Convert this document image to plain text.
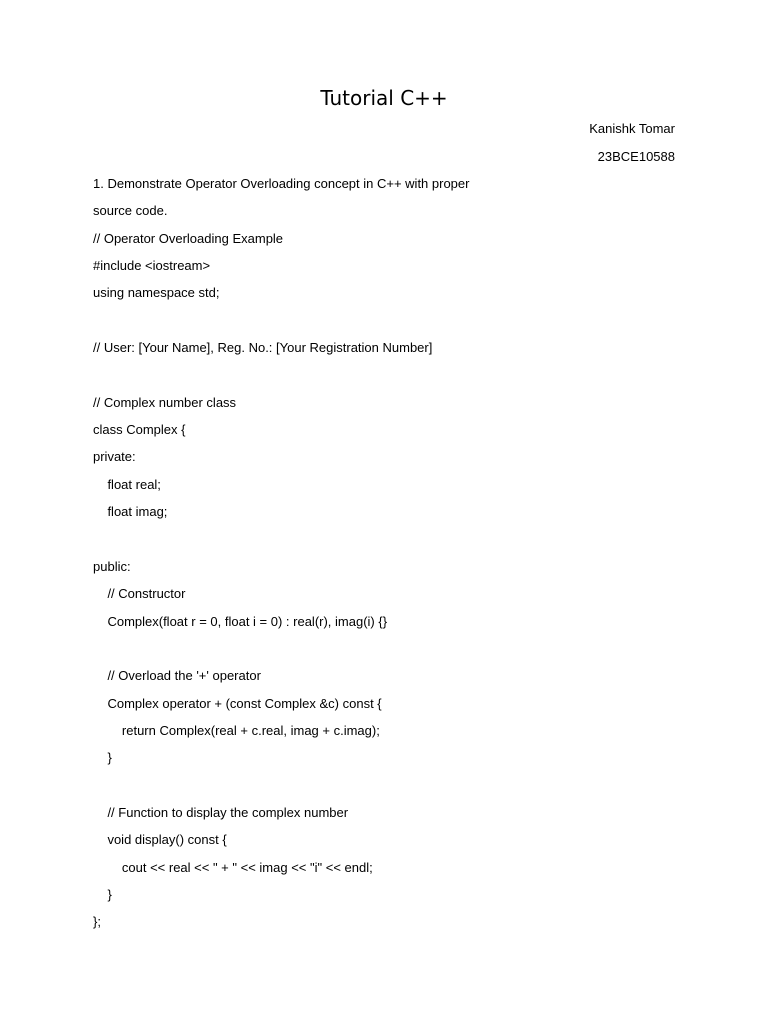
Tutorial C++
Kanishk Tomar
23BCE10588
1. Demonstrate Operator Overloading concept in C++ with proper
source code.
// Operator Overloading Example
#include <iostream>
using namespace std;
// User: [Your Name], Reg. No.: [Your Registration Number]
// Complex number class
class Complex {
private:
float real;
float imag;
public:
// Constructor
Complex(float r = 0, float i = 0) : real(r), imag(i) {}
// Overload the '+' operator
Complex operator + (const Complex &c) const {
return Complex(real + c.real, imag + c.imag);
}
// Function to display the complex number
void display() const {
cout << real << " + " << imag << "i" << endl;
}
};
